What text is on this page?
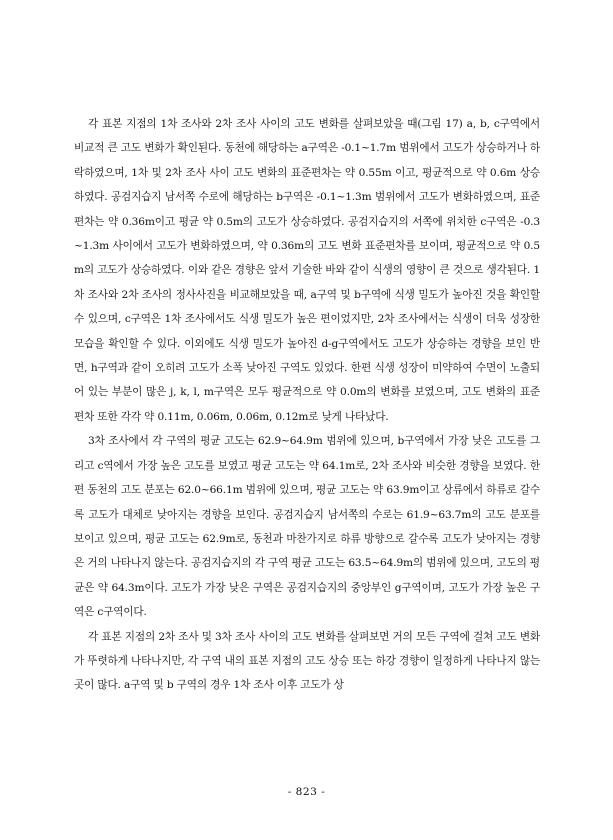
각 표본 지점의 1차 조사와 2차 조사 사이의 고도 변화를 살펴보았을 때(그림 17) a, b, c구역에서 비교적 큰 고도 변화가 확인된다. 동천에 해당하는 a구역은 -0.1~1.7m 범위에서 고도가 상승하거나 하락하였으며, 1차 및 2차 조사 사이 고도 변화의 표준편차는 약 0.55m 이고, 평균적으로 약 0.6m 상승하였다. 공검지습지 남서쪽 수로에 해당하는 b구역은 -0.1~1.3m 범위에서 고도가 변화하였으며, 표준편차는 약 0.36m이고 평균 약 0.5m의 고도가 상승하였다. 공검지습지의 서쪽에 위치한 c구역은 -0.3~1.3m 사이에서 고도가 변화하였으며, 약 0.36m의 고도 변화 표준편차를 보이며, 평균적으로 약 0.5m의 고도가 상승하였다. 이와 같은 경향은 앞서 기술한 바와 같이 식생의 영향이 큰 것으로 생각된다. 1차 조사와 2차 조사의 정사사진을 비교해보았을 때, a구역 및 b구역에 식생 밀도가 높아진 것을 확인할 수 있으며, c구역은 1차 조사에서도 식생 밀도가 높은 편이었지만, 2차 조사에서는 식생이 더욱 성장한 모습을 확인할 수 있다. 이외에도 식생 밀도가 높아진 d-g구역에서도 고도가 상승하는 경향을 보인 반면, h구역과 같이 오히려 고도가 소폭 낮아진 구역도 있었다. 한편 식생 성장이 미약하여 수면이 노출되어 있는 부분이 많은 j, k, l, m구역은 모두 평균적으로 약 0.0m의 변화를 보였으며, 고도 변화의 표준편차 또한 각각 약 0.11m, 0.06m, 0.06m, 0.12m로 낮게 나타났다.

3차 조사에서 각 구역의 평균 고도는 62.9~64.9m 범위에 있으며, b구역에서 가장 낮은 고도를 그리고 c역에서 가장 높은 고도를 보였고 평균 고도는 약 64.1m로, 2차 조사와 비슷한 경향을 보였다. 한편 동천의 고도 분포는 62.0~66.1m 범위에 있으며, 평균 고도는 약 63.9m이고 상류에서 하류로 갈수록 고도가 대체로 낮아지는 경향을 보인다. 공검지습지 남서쪽의 수로는 61.9~63.7m의 고도 분포를 보이고 있으며, 평균 고도는 62.9m로, 동천과 마찬가지로 하류 방향으로 갈수록 고도가 낮아지는 경향은 거의 나타나지 않는다. 공검지습지의 각 구역 평균 고도는 63.5~64.9m의 범위에 있으며, 고도의 평균은 약 64.3m이다. 고도가 가장 낮은 구역은 공검지습지의 중앙부인 g구역이며, 고도가 가장 높은 구역은 c구역이다.

각 표본 지점의 2차 조사 및 3차 조사 사이의 고도 변화를 살펴보면 거의 모든 구역에 걸쳐 고도 변화가 뚜렷하게 나타나지만, 각 구역 내의 표본 지점의 고도 상승 또는 하강 경향이 일정하게 나타나지 않는 곳이 많다. a구역 및 b 구역의 경우 1차 조사 이후 고도가 상

- 823 -
